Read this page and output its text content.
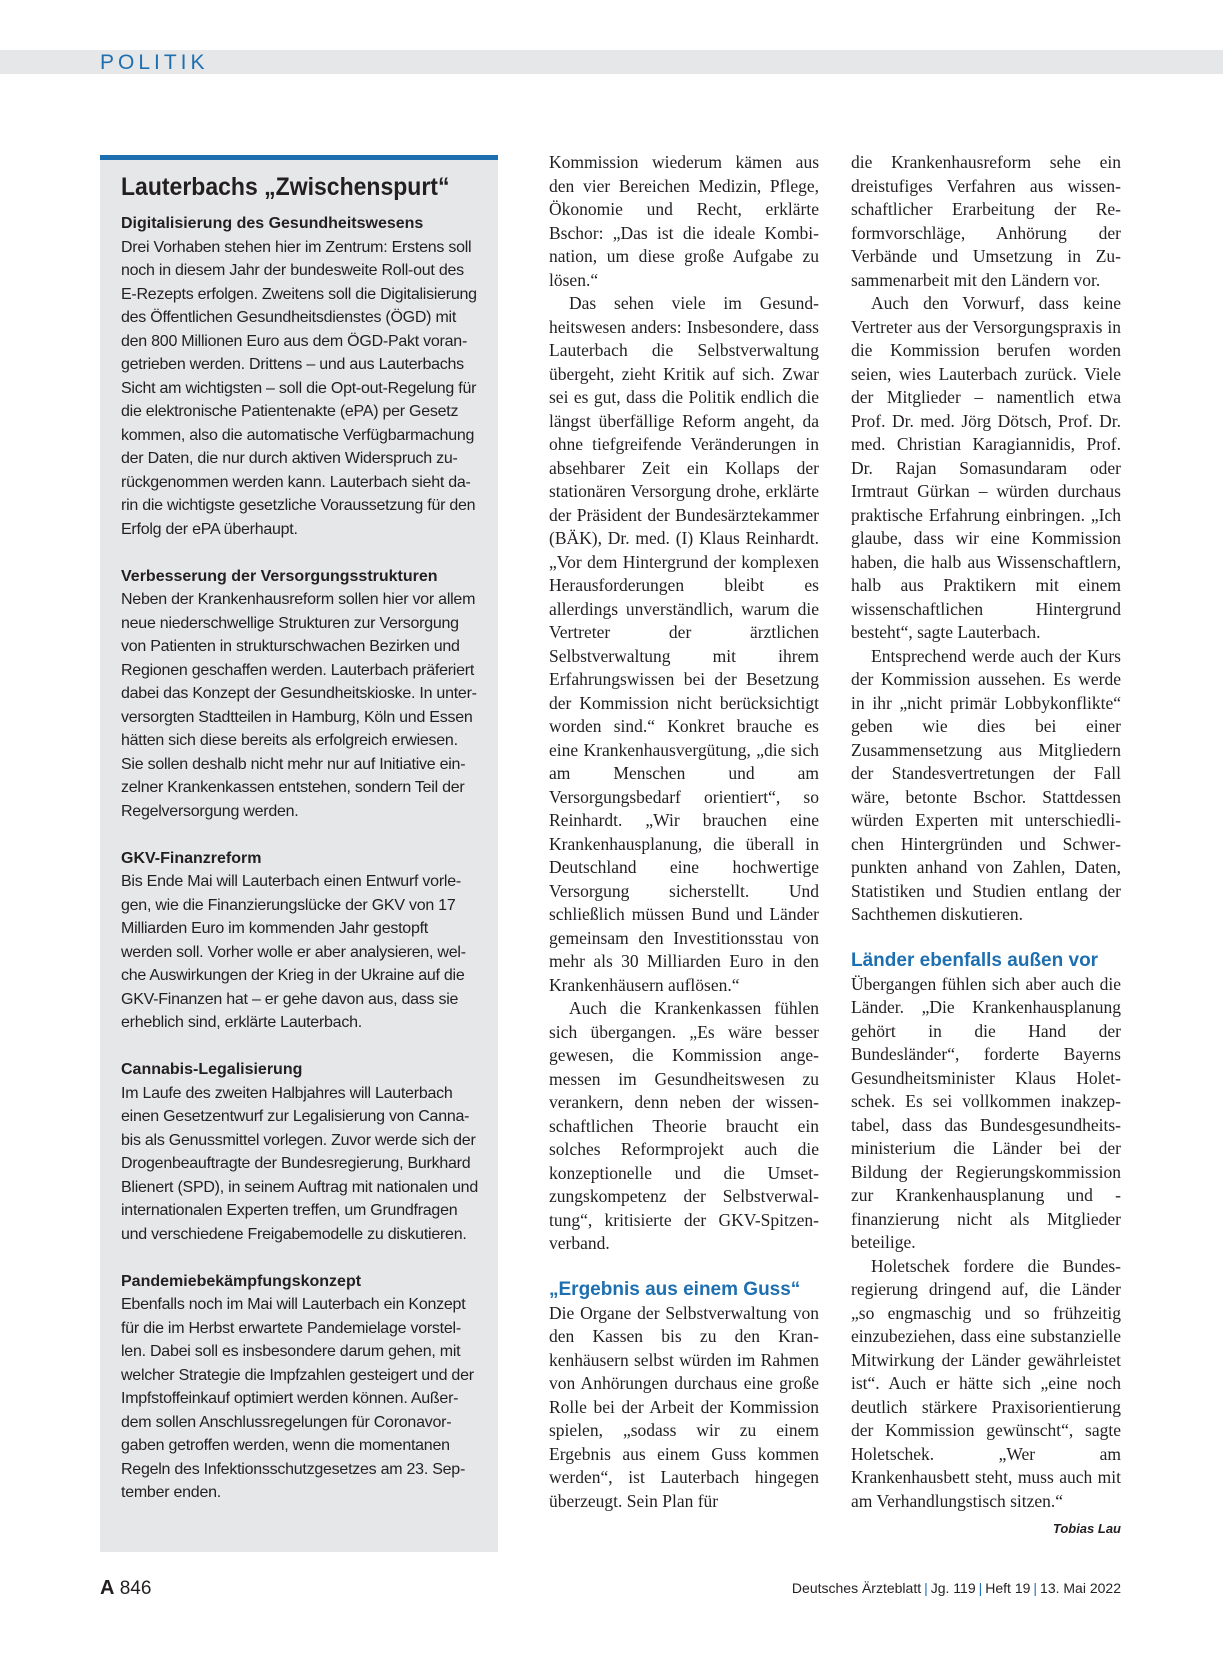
POLITIK
Lauterbachs „Zwischenspurt“

Digitalisierung des Gesundheitswesens

Drei Vorhaben stehen hier im Zentrum: Erstens soll noch in diesem Jahr der bundesweite Roll-out des E-Rezepts erfolgen. Zweitens soll die Digitalisierung des Öffentlichen Gesundheitsdienstes (ÖGD) mit den 800 Millionen Euro aus dem ÖGD-Pakt vorangetrieben werden. Drittens – und aus Lauterbachs Sicht am wichtigsten – soll die Opt-out-Regelung für die elektronische Patientenakte (ePA) per Gesetz kommen, also die automatische Verfügbarmachung der Daten, die nur durch aktiven Widerspruch zurückgenommen werden kann. Lauterbach sieht darin die wichtigste gesetzliche Voraussetzung für den Erfolg der ePA überhaupt.

Verbesserung der Versorgungsstrukturen

Neben der Krankenhausreform sollen hier vor allem neue niederschwellige Strukturen zur Versorgung von Patienten in strukturschwachen Bezirken und Regionen geschaffen werden. Lauterbach präferiert dabei das Konzept der Gesundheitskioske. In unterversorgten Stadtteilen in Hamburg, Köln und Essen hätten sich diese bereits als erfolgreich erwiesen. Sie sollen deshalb nicht mehr nur auf Initiative einzelner Krankenkassen entstehen, sondern Teil der Regelversorgung werden.

GKV-Finanzreform

Bis Ende Mai will Lauterbach einen Entwurf vorlegen, wie die Finanzierungslücke der GKV von 17 Milliarden Euro im kommenden Jahr gestopft werden soll. Vorher wolle er aber analysieren, welche Auswirkungen der Krieg in der Ukraine auf die GKV-Finanzen hat – er gehe davon aus, dass sie erheblich sind, erklärte Lauterbach.

Cannabis-Legalisierung

Im Laufe des zweiten Halbjahres will Lauterbach einen Gesetzentwurf zur Legalisierung von Cannabis als Genussmittel vorlegen. Zuvor werde sich der Drogenbeauftragte der Bundesregierung, Burkhard Blienert (SPD), in seinem Auftrag mit nationalen und internationalen Experten treffen, um Grundfragen und verschiedene Freigabemodelle zu diskutieren.

Pandemiebekämpfungskonzept

Ebenfalls noch im Mai will Lauterbach ein Konzept für die im Herbst erwartete Pandemielage vorstellen. Dabei soll es insbesondere darum gehen, mit welcher Strategie die Impfzahlen gesteigert und der Impfstoffeinkauf optimiert werden können. Außerdem sollen Anschlussregelungen für Coronavorgaben getroffen werden, wenn die momentanen Regeln des Infektionsschutzgesetzes am 23. September enden.

Kommission wiederum kämen aus den vier Bereichen Medizin, Pflege, Ökonomie und Recht, erklärte Bschor: „Das ist die ideale Kombination, um diese große Aufgabe zu lösen.“

Das sehen viele im Gesundheitswesen anders: Insbesondere, dass Lauterbach die Selbstverwaltung übergeht, zieht Kritik auf sich. Zwar sei es gut, dass die Politik endlich die längst überfällige Reform angeht, da ohne tiefgreifende Veränderungen in absehbarer Zeit ein Kollaps der stationären Versorgung drohe, erklärte der Präsident der Bundesärztekammer (BÄK), Dr. med. (I) Klaus Reinhardt. „Vor dem Hintergrund der komplexen Herausforderungen bleibt es allerdings unverständlich, warum die Vertreter der ärztlichen Selbstverwaltung mit ihrem Erfahrungswissen bei der Besetzung der Kommission nicht berücksichtigt worden sind.“ Konkret brauche es eine Krankenhausvergütung, „die sich am Menschen und am Versorgungsbedarf orientiert“, so Reinhardt. „Wir brauchen eine Krankenhausplanung, die überall in Deutschland eine hochwertige Versorgung sicherstellt. Und schließlich müssen Bund und Länder gemeinsam den Investitionsstau von mehr als 30 Milliarden Euro in den Krankenhäusern auflösen.“

Auch die Krankenkassen fühlen sich übergangen. „Es wäre besser gewesen, die Kommission angemessen im Gesundheitswesen zu verankern, denn neben der wissenschaftlichen Theorie braucht ein solches Reformprojekt auch die konzeptionelle und die Umsetzungskompetenz der Selbstverwaltung“, kritisierte der GKV-Spitzenverband.

„Ergebnis aus einem Guss“

Die Organe der Selbstverwaltung von den Kassen bis zu den Krankenhäusern selbst würden im Rahmen von Anhörungen durchaus eine große Rolle bei der Arbeit der Kommission spielen, „sodass wir zu einem Ergebnis aus einem Guss kommen werden“, ist Lauterbach hingegen überzeugt. Sein Plan für

die Krankenhausreform sehe ein dreistufiges Verfahren aus wissenschaftlicher Erarbeitung der Reformvorschläge, Anhörung der Verbände und Umsetzung in Zusammenarbeit mit den Ländern vor.

Auch den Vorwurf, dass keine Vertreter aus der Versorgungspraxis in die Kommission berufen worden seien, wies Lauterbach zurück. Viele der Mitglieder – namentlich etwa Prof. Dr. med. Jörg Dötsch, Prof. Dr. med. Christian Karagiannidis, Prof. Dr. Rajan Somasundaram oder Irmtraut Gürkan – würden durchaus praktische Erfahrung einbringen. „Ich glaube, dass wir eine Kommission haben, die halb aus Wissenschaftlern, halb aus Praktikern mit einem wissenschaftlichen Hintergrund besteht“, sagte Lauterbach.

Entsprechend werde auch der Kurs der Kommission aussehen. Es werde in ihr „nicht primär Lobbykonflikte“ geben wie dies bei einer Zusammensetzung aus Mitgliedern der Standesvertretungen der Fall wäre, betonte Bschor. Stattdessen würden Experten mit unterschiedlichen Hintergründen und Schwerpunkten anhand von Zahlen, Daten, Statistiken und Studien entlang der Sachthemen diskutieren.

Länder ebenfalls außen vor

Übergangen fühlen sich aber auch die Länder. „Die Krankenhausplanung gehört in die Hand der Bundesländer“, forderte Bayerns Gesundheitsminister Klaus Holetschek. Es sei vollkommen inakzeptabel, dass das Bundesgesundheitsministerium die Länder bei der Bildung der Regierungskommission zur Krankenhausplanung und -finanzierung nicht als Mitglieder beteilige.

Holetschek fordere die Bundesregierung dringend auf, die Länder „so engmaschig und so frühzeitig einzubeziehen, dass eine substanzielle Mitwirkung der Länder gewährleistet ist“. Auch er hätte sich „eine noch deutlich stärkere Praxisorientierung der Kommission gewünscht“, sagte Holetschek. „Wer am Krankenhausbett steht, muss auch mit am Verhandlungstisch sitzen.“
Tobias Lau

A 846	Deutsches Ärzteblatt | Jg. 119 | Heft 19 | 13. Mai 2022
